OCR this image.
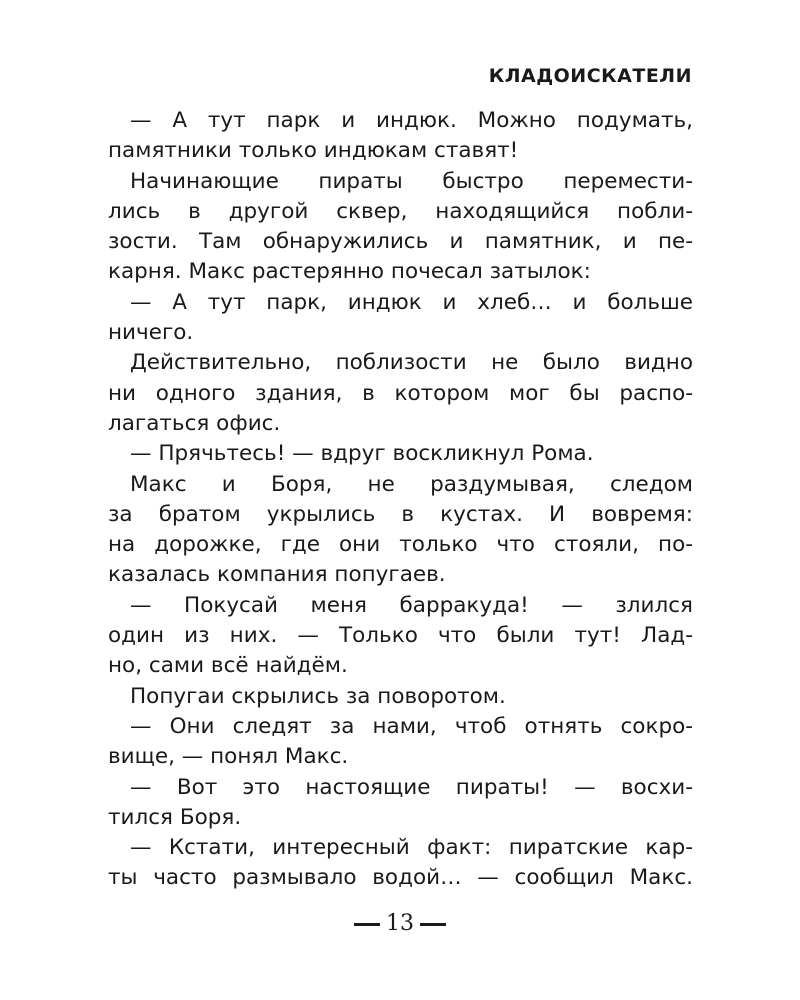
КЛАДОИСКАТЕЛИ
— А тут парк и индюк. Можно подумать,
памятники только индюкам ставят!
Начинающие пираты быстро перемести-
лись в другой сквер, находящийся побли-
зости. Там обнаружились и памятник, и пе-
карня. Макс растерянно почесал затылок:
— А тут парк, индюк и хлеб… и больше
ничего.
Действительно, поблизости не было видно
ни одного здания, в котором мог бы распо-
лагаться офис.
— Прячьтесь! — вдруг воскликнул Рома.
Макс и Боря, не раздумывая, следом
за братом укрылись в кустах. И вовремя:
на дорожке, где они только что стояли, по-
казалась компания попугаев.
— Покусай меня барракуда! — злился
один из них. — Только что были тут! Лад-
но, сами всё найдём.
Попугаи скрылись за поворотом.
— Они следят за нами, чтоб отнять сокро-
вище, — понял Макс.
— Вот это настоящие пираты! — восхи-
тился Боря.
— Кстати, интересный факт: пиратские кар-
ты часто размывало водой… — сообщил Макс.
13
